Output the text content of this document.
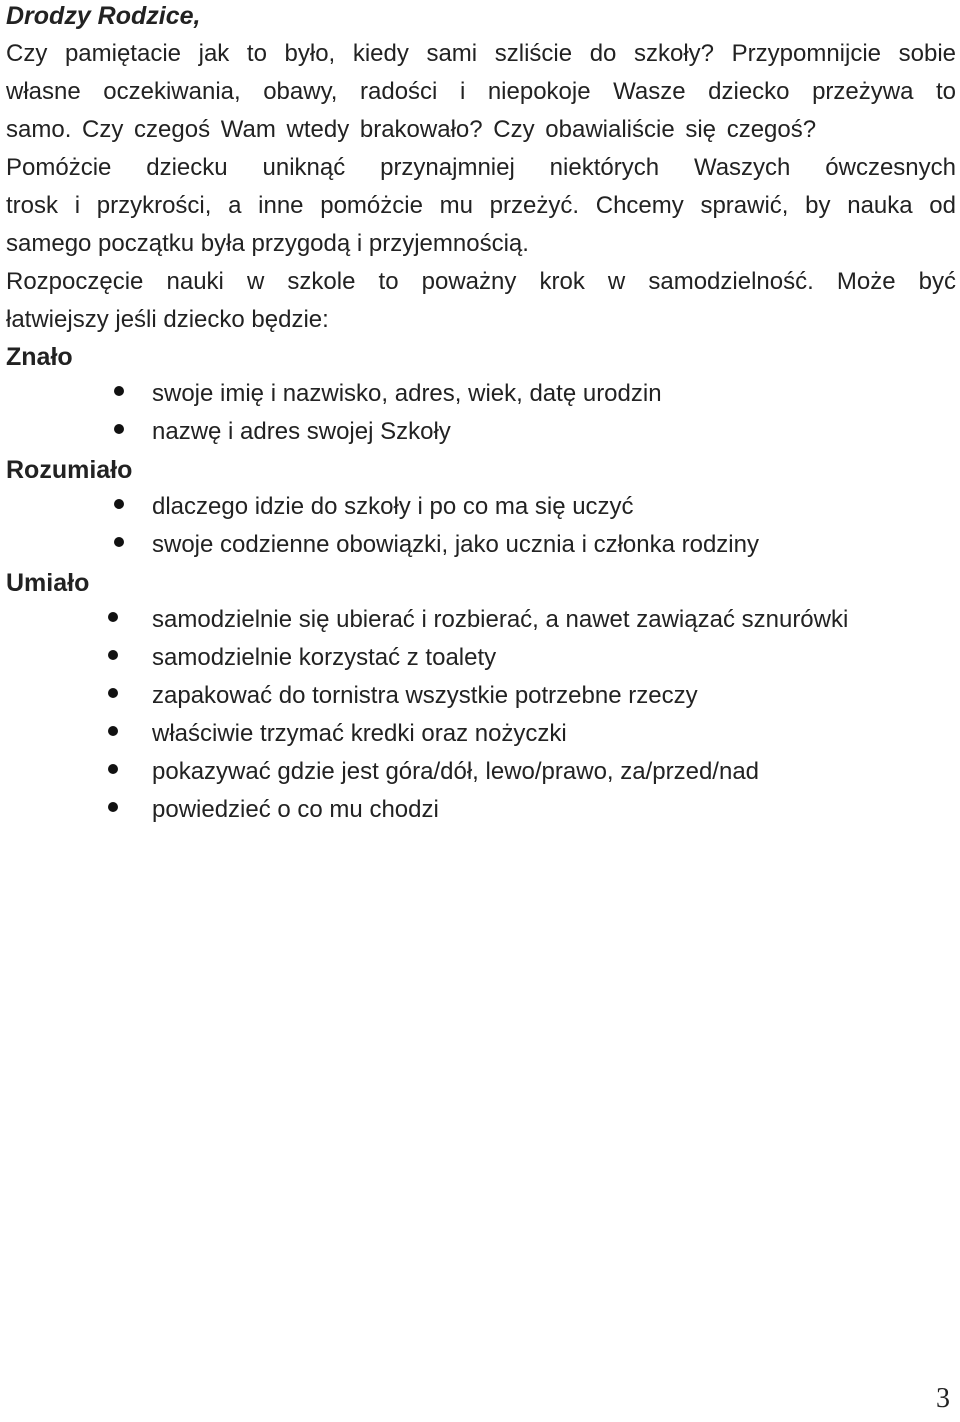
Drodzy Rodzice,
Czy pamiętacie jak to było, kiedy sami szliście do szkoły? Przypomnijcie sobie
własne oczekiwania, obawy, radości i niepokoje Wasze dziecko przeżywa to
samo. Czy czegoś Wam wtedy brakowało? Czy obawialiście się czegoś?
Pomóżcie dziecku uniknąć przynajmniej niektórych Waszych ówczesnych
trosk i przykrości, a inne pomóżcie mu przeżyć. Chcemy sprawić, by nauka od
samego początku była przygodą i przyjemnością.
Rozpoczęcie nauki w szkole to poważny krok w samodzielność. Może być
łatwiejszy jeśli dziecko będzie:
Znało
swoje imię i nazwisko, adres, wiek, datę urodzin
nazwę i adres swojej Szkoły
Rozumiało
dlaczego idzie do szkoły i po co ma się uczyć
swoje codzienne obowiązki, jako ucznia i członka rodziny
Umiało
samodzielnie się ubierać i rozbierać, a nawet zawiązać sznurówki
samodzielnie korzystać z toalety
zapakować do tornistra wszystkie potrzebne rzeczy
właściwie trzymać kredki oraz nożyczki
pokazywać gdzie jest góra/dół, lewo/prawo, za/przed/nad
powiedzieć o co mu chodzi
3
